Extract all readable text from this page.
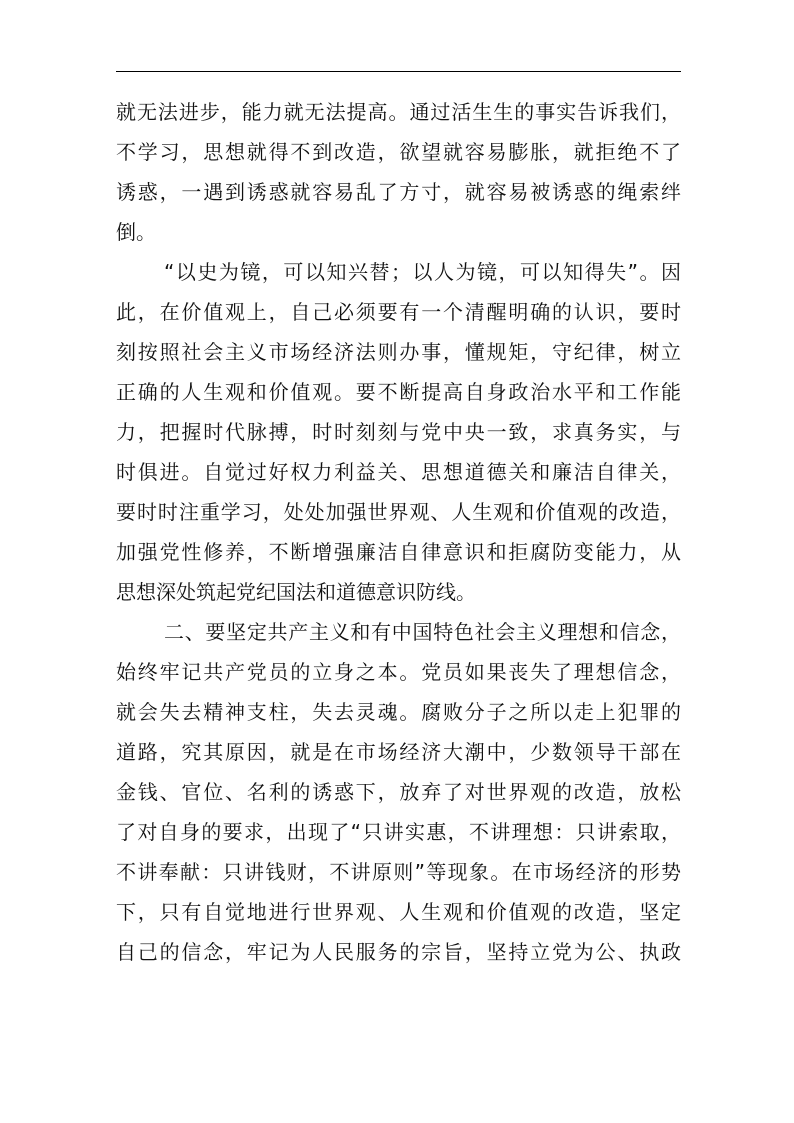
就无法进步，能力就无法提高。通过活生生的事实告诉我们，
不学习，思想就得不到改造，欲望就容易膨胀，就拒绝不了
诱惑，一遇到诱惑就容易乱了方寸，就容易被诱惑的绳索绊
倒。
“以史为镜，可以知兴替；以人为镜，可以知得失”。因
此，在价值观上，自己必须要有一个清醒明确的认识，要时
刻按照社会主义市场经济法则办事，懂规矩，守纪律，树立
正确的人生观和价值观。要不断提高自身政治水平和工作能
力，把握时代脉搏，时时刻刻与党中央一致，求真务实，与
时俱进。自觉过好权力利益关、思想道德关和廉洁自律关，
要时时注重学习，处处加强世界观、人生观和价值观的改造，
加强党性修养，不断增强廉洁自律意识和拒腐防变能力，从
思想深处筑起党纪国法和道德意识防线。
二、要坚定共产主义和有中国特色社会主义理想和信念，
始终牢记共产党员的立身之本。党员如果丧失了理想信念，
就会失去精神支柱，失去灵魂。腐败分子之所以走上犯罪的
道路，究其原因，就是在市场经济大潮中，少数领导干部在
金钱、官位、名利的诱惑下，放弃了对世界观的改造，放松
了对自身的要求，出现了“只讲实惠，不讲理想：只讲索取，
不讲奉献：只讲钱财，不讲原则”等现象。在市场经济的形势
下，只有自觉地进行世界观、人生观和价值观的改造，坚定
自己的信念，牢记为人民服务的宗旨，坚持立党为公、执政
